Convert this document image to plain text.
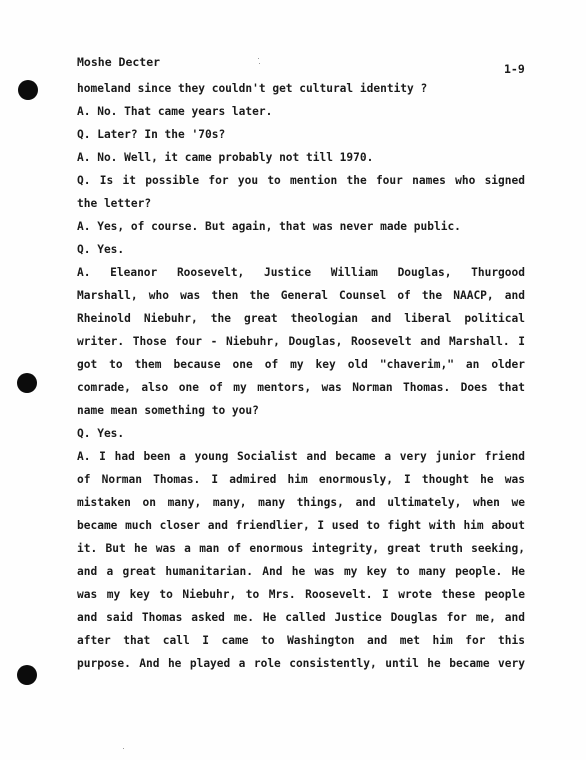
Moshe Decter	1-9
homeland since they couldn't get cultural identity ?
A. No. That came years later.
Q. Later? In the '70s?
A. No. Well, it came probably not till 1970.
Q. Is it possible for you to mention the four names who signed
the letter?
A. Yes, of course. But again, that was never made public.
Q. Yes.
A. Eleanor Roosevelt, Justice William Douglas, Thurgood
Marshall, who was then the General Counsel of the NAACP, and
Rheinold Niebuhr, the great theologian and liberal political
writer. Those four - Niebuhr, Douglas, Roosevelt and Marshall. I
got to them because one of my key old "chaverim," an older
comrade, also one of my mentors, was Norman Thomas. Does that
name mean something to you?
Q. Yes.
A. I had been a young Socialist and became a very junior friend
of Norman Thomas. I admired him enormously, I thought he was
mistaken on many, many, many things, and ultimately, when we
became much closer and friendlier, I used to fight with him about
it. But he was a man of enormous integrity, great truth seeking,
and a great humanitarian. And he was my key to many people. He
was my key to Niebuhr, to Mrs. Roosevelt. I wrote these people
and said Thomas asked me. He called Justice Douglas for me, and
after that call I came to Washington and met him for this
purpose. And he played a role consistently, until he became very
